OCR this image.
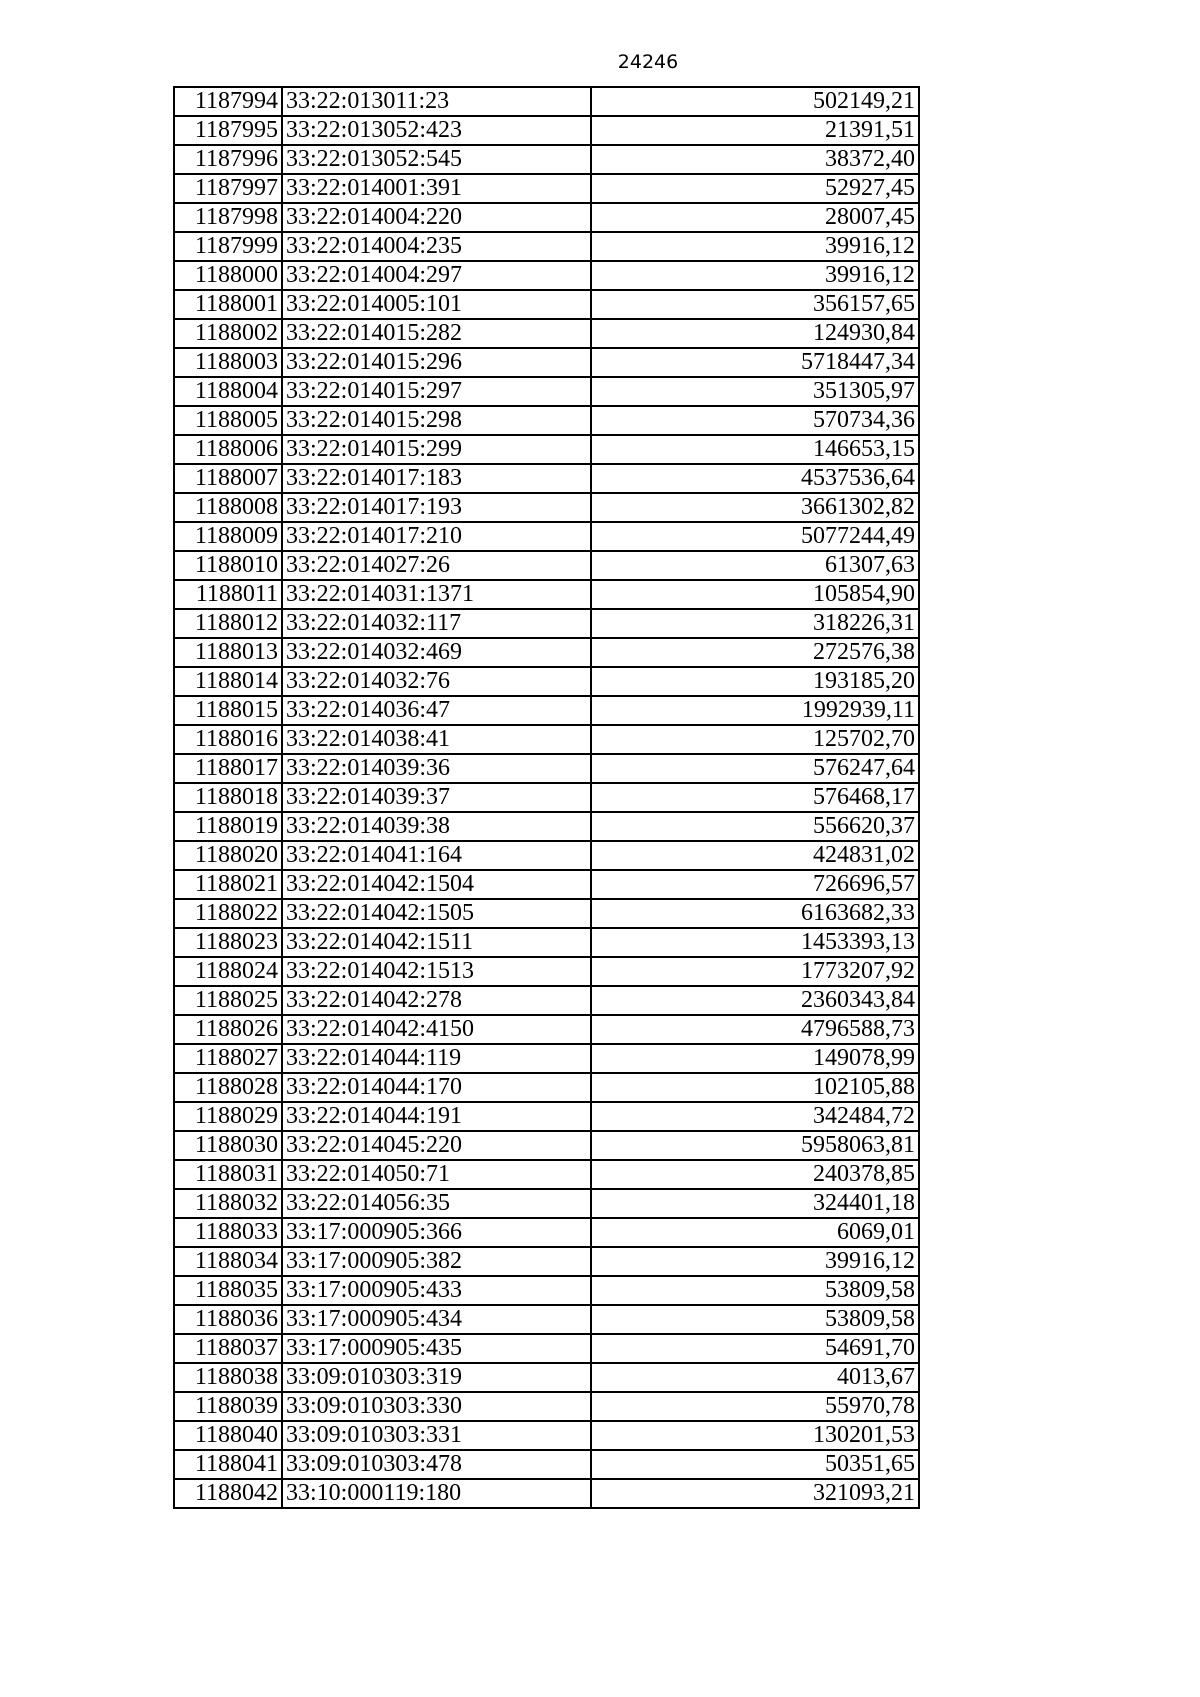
24246
1187994	33:22:013011:23	502149,21
1187995	33:22:013052:423	21391,51
1187996	33:22:013052:545	38372,40
1187997	33:22:014001:391	52927,45
1187998	33:22:014004:220	28007,45
1187999	33:22:014004:235	39916,12
1188000	33:22:014004:297	39916,12
1188001	33:22:014005:101	356157,65
1188002	33:22:014015:282	124930,84
1188003	33:22:014015:296	5718447,34
1188004	33:22:014015:297	351305,97
1188005	33:22:014015:298	570734,36
1188006	33:22:014015:299	146653,15
1188007	33:22:014017:183	4537536,64
1188008	33:22:014017:193	3661302,82
1188009	33:22:014017:210	5077244,49
1188010	33:22:014027:26	61307,63
1188011	33:22:014031:1371	105854,90
1188012	33:22:014032:117	318226,31
1188013	33:22:014032:469	272576,38
1188014	33:22:014032:76	193185,20
1188015	33:22:014036:47	1992939,11
1188016	33:22:014038:41	125702,70
1188017	33:22:014039:36	576247,64
1188018	33:22:014039:37	576468,17
1188019	33:22:014039:38	556620,37
1188020	33:22:014041:164	424831,02
1188021	33:22:014042:1504	726696,57
1188022	33:22:014042:1505	6163682,33
1188023	33:22:014042:1511	1453393,13
1188024	33:22:014042:1513	1773207,92
1188025	33:22:014042:278	2360343,84
1188026	33:22:014042:4150	4796588,73
1188027	33:22:014044:119	149078,99
1188028	33:22:014044:170	102105,88
1188029	33:22:014044:191	342484,72
1188030	33:22:014045:220	5958063,81
1188031	33:22:014050:71	240378,85
1188032	33:22:014056:35	324401,18
1188033	33:17:000905:366	6069,01
1188034	33:17:000905:382	39916,12
1188035	33:17:000905:433	53809,58
1188036	33:17:000905:434	53809,58
1188037	33:17:000905:435	54691,70
1188038	33:09:010303:319	4013,67
1188039	33:09:010303:330	55970,78
1188040	33:09:010303:331	130201,53
1188041	33:09:010303:478	50351,65
1188042	33:10:000119:180	321093,21
